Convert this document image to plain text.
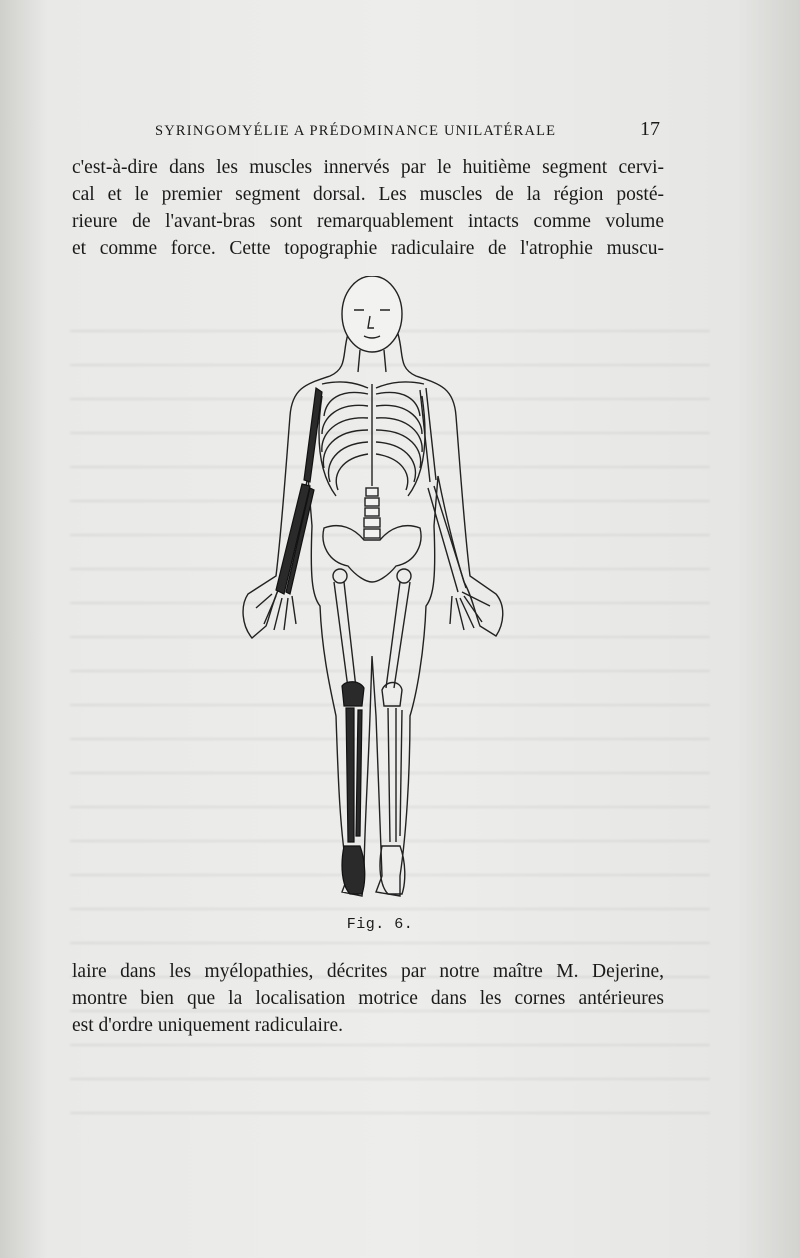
SYRINGOMYÉLIE A PRÉDOMINANCE UNILATÉRALE	17
c'est-à-dire dans les muscles innervés par le huitième segment cervi-
cal et le premier segment dorsal. Les muscles de la région posté-
rieure de l'avant-bras sont remarquablement intacts comme volume
et comme force. Cette topographie radiculaire de l'atrophie muscu-
Fig. 6.
laire dans les myélopathies, décrites par notre maître M. Dejerine,
montre bien que la localisation motrice dans les cornes antérieures
est d'ordre uniquement radiculaire.
